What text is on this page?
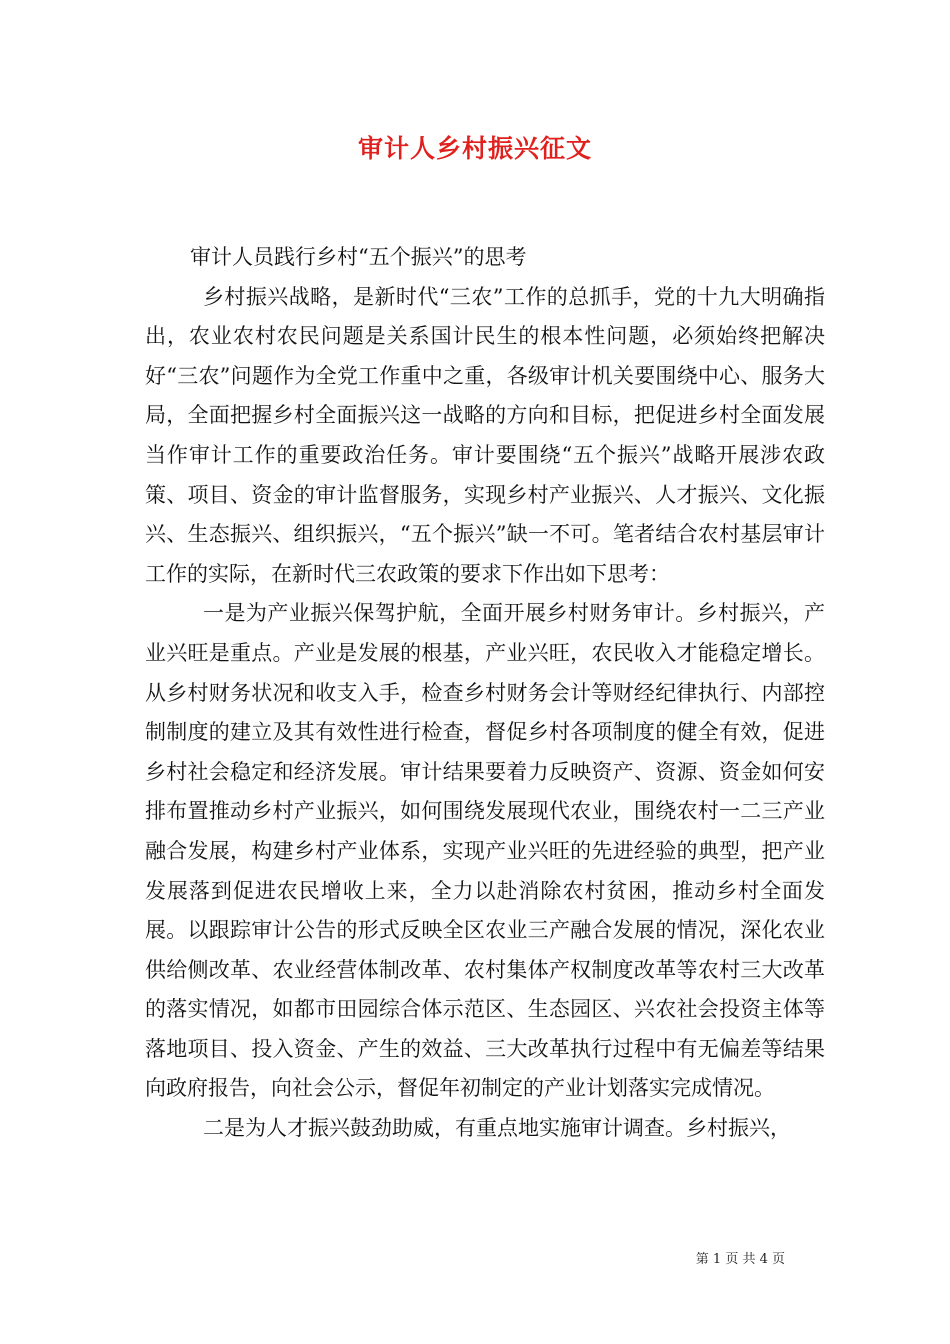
审计人乡村振兴征文

审计人员践行乡村“五个振兴”的思考

乡村振兴战略，是新时代“三农”工作的总抓手，党的十九大明确指出，农业农村农民问题是关系国计民生的根本性问题，必须始终把解决好“三农”问题作为全党工作重中之重，各级审计机关要围绕中心、服务大局，全面把握乡村全面振兴这一战略的方向和目标，把促进乡村全面发展当作审计工作的重要政治任务。审计要围绕“五个振兴”战略开展涉农政策、项目、资金的审计监督服务，实现乡村产业振兴、人才振兴、文化振兴、生态振兴、组织振兴，“五个振兴”缺一不可。笔者结合农村基层审计工作的实际，在新时代三农政策的要求下作出如下思考：

一是为产业振兴保驾护航，全面开展乡村财务审计。乡村振兴，产业兴旺是重点。产业是发展的根基，产业兴旺，农民收入才能稳定增长。从乡村财务状况和收支入手，检查乡村财务会计等财经纪律执行、内部控制制度的建立及其有效性进行检查，督促乡村各项制度的健全有效，促进乡村社会稳定和经济发展。审计结果要着力反映资产、资源、资金如何安排布置推动乡村产业振兴，如何围绕发展现代农业，围绕农村一二三产业融合发展，构建乡村产业体系，实现产业兴旺的先进经验的典型，把产业发展落到促进农民增收上来，全力以赴消除农村贫困，推动乡村全面发展。以跟踪审计公告的形式反映全区农业三产融合发展的情况，深化农业供给侧改革、农业经营体制改革、农村集体产权制度改革等农村三大改革的落实情况，如都市田园综合体示范区、生态园区、兴农社会投资主体等落地项目、投入资金、产生的效益、三大改革执行过程中有无偏差等结果向政府报告，向社会公示，督促年初制定的产业计划落实完成情况。

二是为人才振兴鼓劲助威，有重点地实施审计调查。乡村振兴，

第 1 页 共 4 页
